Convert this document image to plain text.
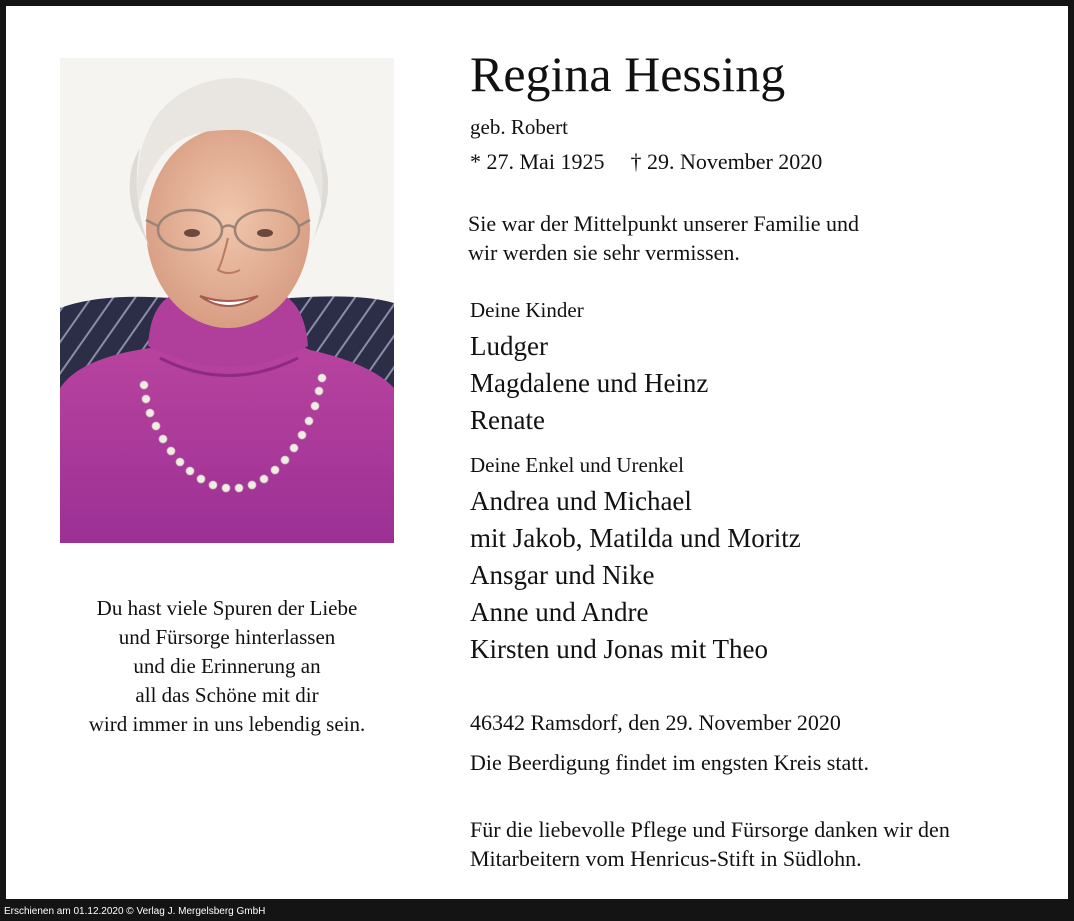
Du hast viele Spuren der Liebe
und Fürsorge hinterlassen
und die Erinnerung an
all das Schöne mit dir
wird immer in uns lebendig sein.
Regina Hessing
geb. Robert
* 27. Mai 1925 † 29. November 2020
Sie war der Mittelpunkt unserer Familie und
wir werden sie sehr vermissen.
Deine Kinder
Ludger
Magdalene und Heinz
Renate
Deine Enkel und Urenkel
Andrea und Michael
mit Jakob, Matilda und Moritz
Ansgar und Nike
Anne und Andre
Kirsten und Jonas mit Theo
46342 Ramsdorf, den 29. November 2020
Die Beerdigung findet im engsten Kreis statt.
Für die liebevolle Pflege und Fürsorge danken wir den
Mitarbeitern vom Henricus-Stift in Südlohn.
Erschienen am 01.12.2020 © Verlag J. Mergelsberg GmbH
